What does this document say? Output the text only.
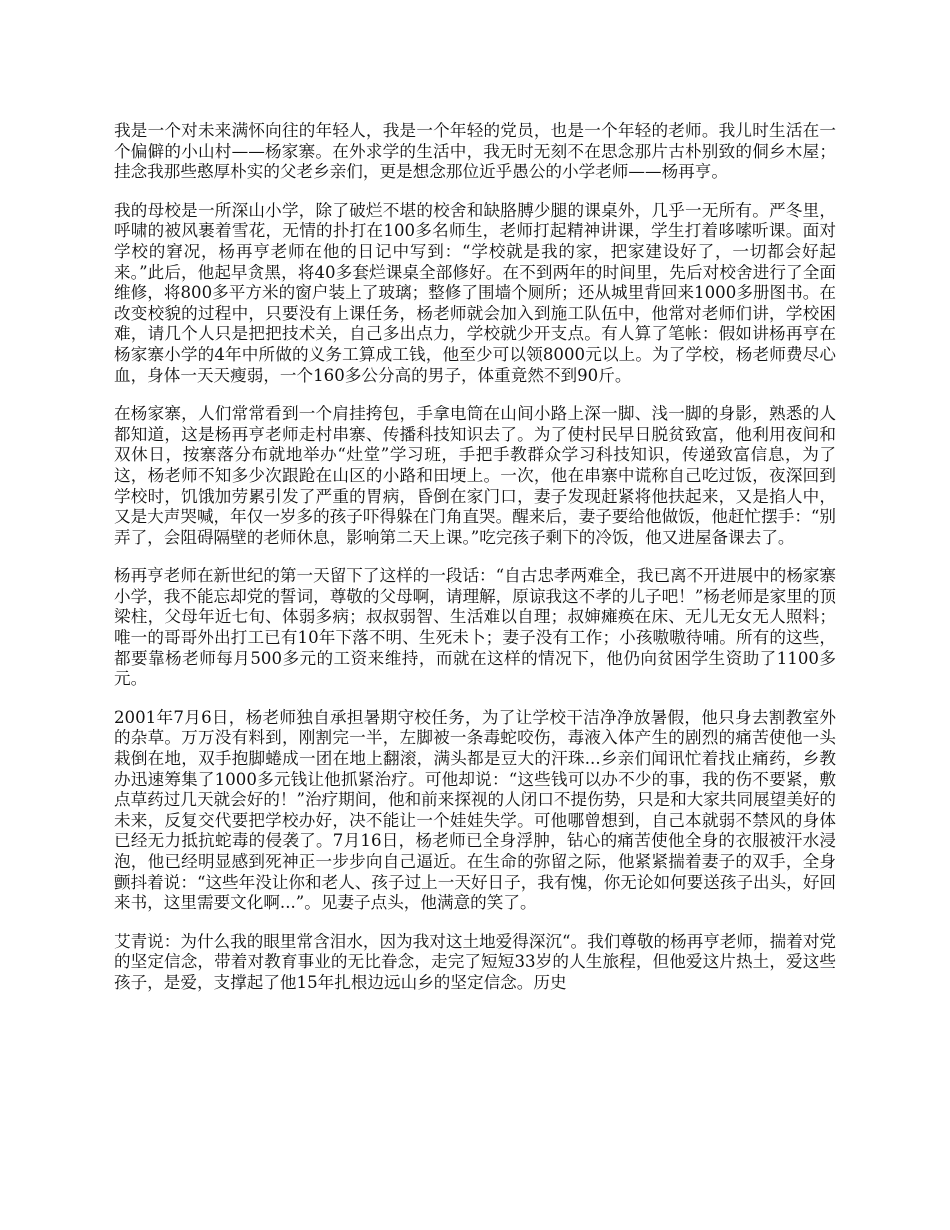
我是一个对未来满怀向往的年轻人，我是一个年轻的党员，也是一个年轻的老师。我儿时生活在一个偏僻的小山村——杨家寨。在外求学的生活中，我无时无刻不在思念那片古朴别致的侗乡木屋；挂念我那些憨厚朴实的父老乡亲们，更是想念那位近乎愚公的小学老师——杨再亨。

我的母校是一所深山小学，除了破烂不堪的校舍和缺胳膊少腿的课桌外，几乎一无所有。严冬里，呼啸的被风裹着雪花，无情的扑打在100多名师生，老师打起精神讲课，学生打着哆嗦听课。面对学校的窘况，杨再亨老师在他的日记中写到：“学校就是我的家，把家建设好了，一切都会好起来。”此后，他起早贪黑，将40多套烂课桌全部修好。在不到两年的时间里，先后对校舍进行了全面维修，将800多平方米的窗户装上了玻璃；整修了围墙个厕所；还从城里背回来1000多册图书。在改变校貌的过程中，只要没有上课任务，杨老师就会加入到施工队伍中，他常对老师们讲，学校困难，请几个人只是把把技术关，自己多出点力，学校就少开支点。有人算了笔帐：假如讲杨再亨在杨家寨小学的4年中所做的义务工算成工钱，他至少可以领8000元以上。为了学校，杨老师费尽心血，身体一天天瘦弱，一个160多公分高的男子，体重竟然不到90斤。

在杨家寨，人们常常看到一个肩挂挎包，手拿电筒在山间小路上深一脚、浅一脚的身影，熟悉的人都知道，这是杨再亨老师走村串寨、传播科技知识去了。为了使村民早日脱贫致富，他利用夜间和双休日，按寨落分布就地举办“灶堂”学习班，手把手教群众学习科技知识，传递致富信息，为了这，杨老师不知多少次跟跄在山区的小路和田埂上。一次，他在串寨中谎称自己吃过饭，夜深回到学校时，饥饿加劳累引发了严重的胃病，昏倒在家门口，妻子发现赶紧将他扶起来，又是掐人中，又是大声哭喊，年仅一岁多的孩子吓得躲在门角直哭。醒来后，妻子要给他做饭，他赶忙摆手：“别弄了，会阻碍隔壁的老师休息，影响第二天上课。”吃完孩子剩下的冷饭，他又进屋备课去了。

杨再亨老师在新世纪的第一天留下了这样的一段话：“自古忠孝两难全，我已离不开进展中的杨家寨小学，我不能忘却党的誓词，尊敬的父母啊，请理解，原谅我这不孝的儿子吧！”杨老师是家里的顶梁柱，父母年近七旬、体弱多病；叔叔弱智、生活难以自理；叔婶瘫痪在床、无儿无女无人照料；唯一的哥哥外出打工已有10年下落不明、生死未卜；妻子没有工作；小孩嗷嗷待哺。所有的这些，都要靠杨老师每月500多元的工资来维持，而就在这样的情况下，他仍向贫困学生资助了1100多元。

2001年7月6日，杨老师独自承担暑期守校任务，为了让学校干洁净净放暑假，他只身去割教室外的杂草。万万没有料到，刚割完一半，左脚被一条毒蛇咬伤，毒液入体产生的剧烈的痛苦使他一头栽倒在地，双手抱脚蜷成一团在地上翻滚，满头都是豆大的汗珠...乡亲们闻讯忙着找止痛药，乡教办迅速筹集了1000多元钱让他抓紧治疗。可他却说：“这些钱可以办不少的事，我的伤不要紧，敷点草药过几天就会好的！”治疗期间，他和前来探视的人闭口不提伤势，只是和大家共同展望美好的未来，反复交代要把学校办好，决不能让一个娃娃失学。可他哪曾想到，自己本就弱不禁风的身体已经无力抵抗蛇毒的侵袭了。7月16日，杨老师已全身浮肿，钻心的痛苦使他全身的衣服被汗水浸泡，他已经明显感到死神正一步步向自己逼近。在生命的弥留之际，他紧紧揣着妻子的双手，全身颤抖着说：“这些年没让你和老人、孩子过上一天好日子，我有愧，你无论如何要送孩子出头，好回来书，这里需要文化啊...”。见妻子点头，他满意的笑了。

艾青说：为什么我的眼里常含泪水，因为我对这土地爱得深沉“。我们尊敬的杨再亨老师，揣着对党的坚定信念，带着对教育事业的无比眷念，走完了短短33岁的人生旅程，但他爱这片热土，爱这些孩子，是爱，支撑起了他15年扎根边远山乡的坚定信念。历史
